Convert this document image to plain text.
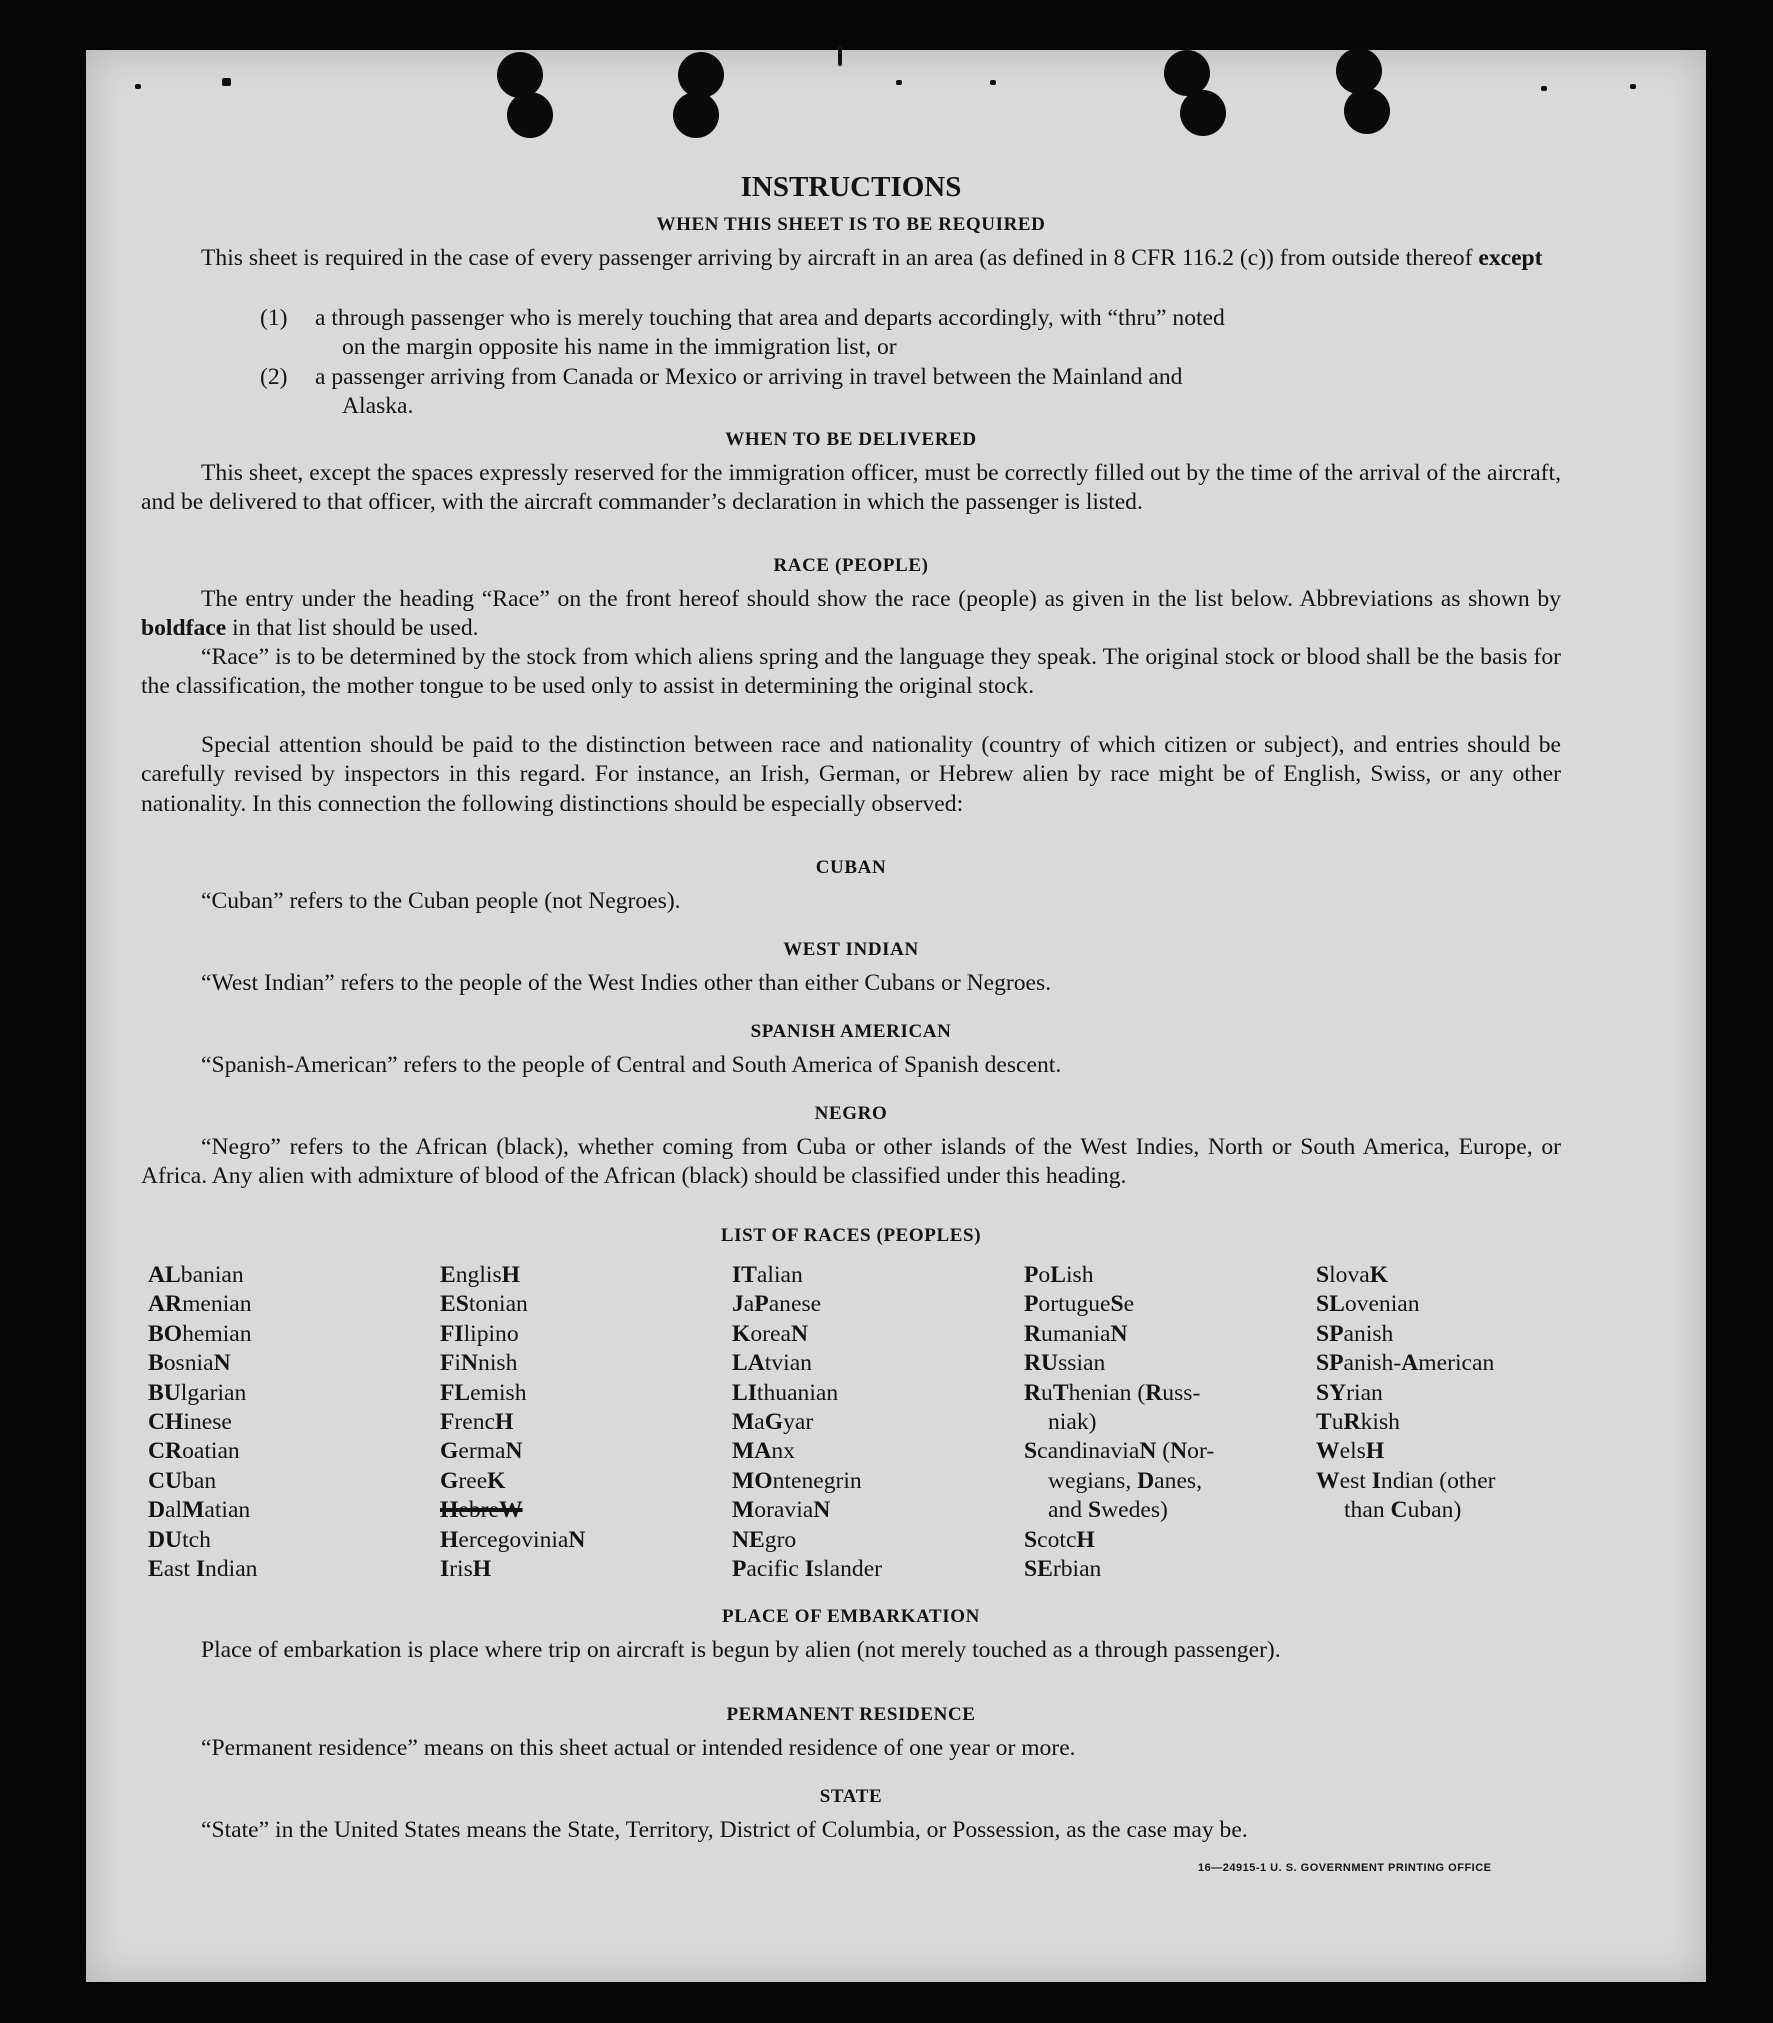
INSTRUCTIONS
WHEN THIS SHEET IS TO BE REQUIRED
This sheet is required in the case of every passenger arriving by aircraft in an area (as defined in 8 CFR 116.2 (c)) from outside thereof except
(1) a through passenger who is merely touching that area and departs accordingly, with “thru” noted
on the margin opposite his name in the immigration list, or
(2) a passenger arriving from Canada or Mexico or arriving in travel between the Mainland and
Alaska.
WHEN TO BE DELIVERED
This sheet, except the spaces expressly reserved for the immigration officer, must be correctly filled out by the time of the arrival of the aircraft, and be delivered to that officer, with the aircraft commander’s declaration in which the passenger is listed.
RACE (PEOPLE)
The entry under the heading “Race” on the front hereof should show the race (people) as given in the list below. Abbreviations as shown by boldface in that list should be used.
“Race” is to be determined by the stock from which aliens spring and the language they speak. The original stock or blood shall be the basis for the classification, the mother tongue to be used only to assist in determining the original stock.
Special attention should be paid to the distinction between race and nationality (country of which citizen or subject), and entries should be carefully revised by inspectors in this regard. For instance, an Irish, German, or Hebrew alien by race might be of English, Swiss, or any other nationality. In this connection the following distinctions should be especially observed:
CUBAN
“Cuban” refers to the Cuban people (not Negroes).
WEST INDIAN
“West Indian” refers to the people of the West Indies other than either Cubans or Negroes.
SPANISH AMERICAN
“Spanish-American” refers to the people of Central and South America of Spanish descent.
NEGRO
“Negro” refers to the African (black), whether coming from Cuba or other islands of the West Indies, North or South America, Europe, or Africa. Any alien with admixture of blood of the African (black) should be classified under this heading.
LIST OF RACES (PEOPLES)
ALbanian
ARmenian
BOhemian
BosniaN
BUlgarian
CHinese
CRoatian
CUban
DalMatian
DUtch
East Indian
EnglisH
EStonian
FIlipino
FiNnish
FLemish
FrencH
GermaN
GreeK
HebreW
HercegoviniaN
IrisH
ITalian
JaPanese
KoreaN
LAtvian
LIthuanian
MaGyar
MAnx
MOntenegrin
MoraviaN
NEgro
Pacific Islander
PoLish
PortugueSe
RumaniaN
RUssian
RuThenian (Russ-
niak)
ScandinaviaN (Nor-
wegians, Danes,
and Swedes)
ScotcH
SErbian
SlovaK
SLovenian
SPanish
SPanish-American
SYrian
TuRkish
WelsH
West Indian (other
than Cuban)
PLACE OF EMBARKATION
Place of embarkation is place where trip on aircraft is begun by alien (not merely touched as a through passenger).
PERMANENT RESIDENCE
“Permanent residence” means on this sheet actual or intended residence of one year or more.
STATE
“State” in the United States means the State, Territory, District of Columbia, or Possession, as the case may be.
16—24915-1 U. S. GOVERNMENT PRINTING OFFICE
